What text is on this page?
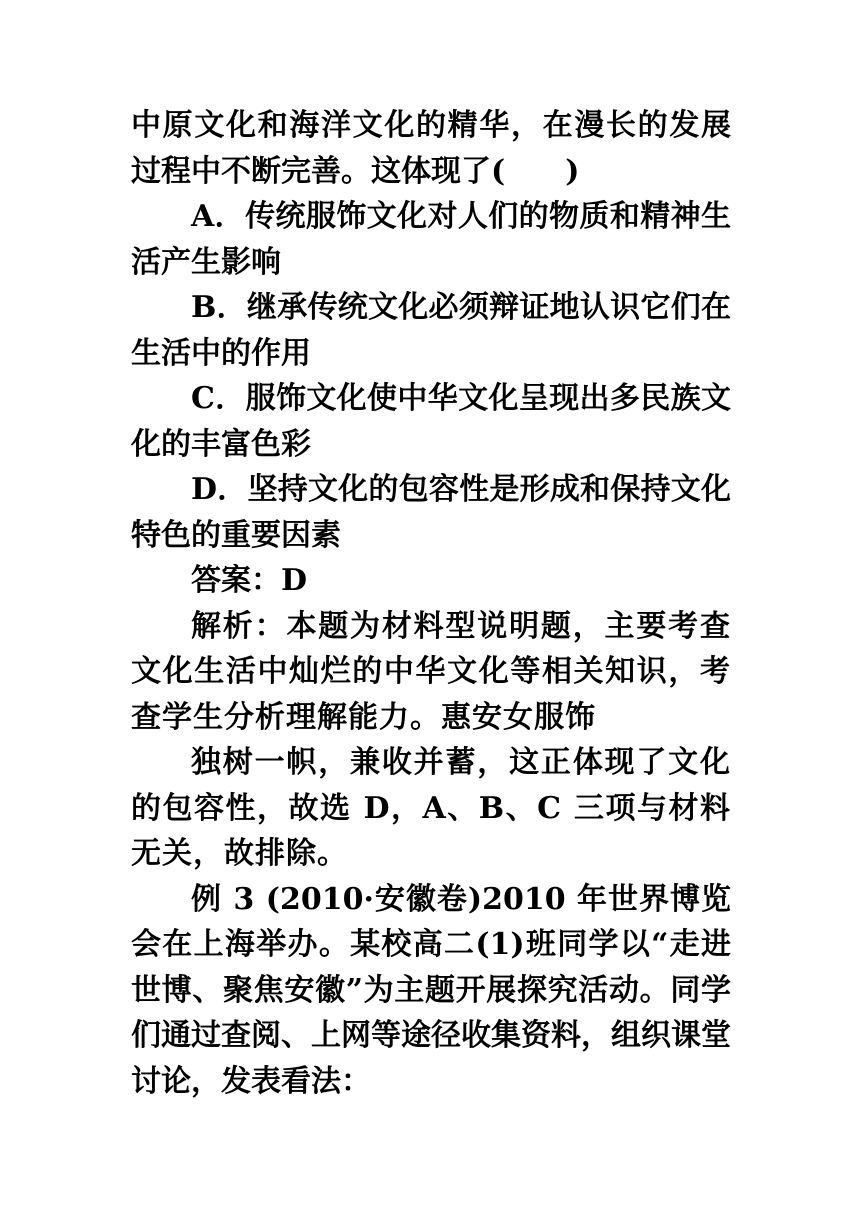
中原文化和海洋文化的精华，在漫长的发展

过程中不断完善。这体现了(　　)

A．传统服饰文化对人们的物质和精神生活产生影响

B．继承传统文化必须辩证地认识它们在生活中的作用

C．服饰文化使中华文化呈现出多民族文化的丰富色彩

D．坚持文化的包容性是形成和保持文化特色的重要因素

答案：D

解析：本题为材料型说明题，主要考查文化生活中灿烂的中华文化等相关知识，考查学生分析理解能力。惠安女服饰

独树一帜，兼收并蓄，这正体现了文化的包容性，故选 D，A、B、C 三项与材料无关，故排除。

例 3 (2010·安徽卷)2010 年世界博览会在上海举办。某校高二(1)班同学以“走进世博、聚焦安徽”为主题开展探究活动。同学们通过查阅、上网等途径收集资料，组织课堂讨论，发表看法：
